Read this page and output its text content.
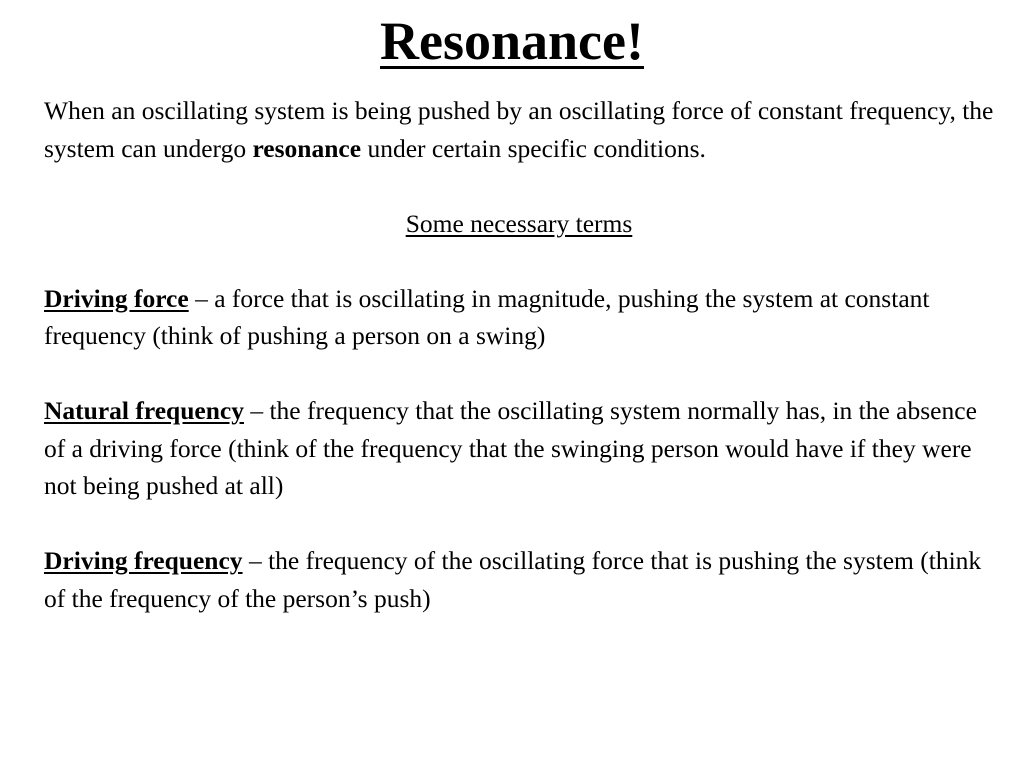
Resonance!

When an oscillating system is being pushed by an oscillating force of constant frequency, the system can undergo resonance under certain specific conditions.

Some necessary terms

Driving force – a force that is oscillating in magnitude, pushing the system at constant frequency (think of pushing a person on a swing)

Natural frequency – the frequency that the oscillating system normally has, in the absence of a driving force (think of the frequency that the swinging person would have if they were not being pushed at all)

Driving frequency – the frequency of the oscillating force that is pushing the system (think of the frequency of the person’s push)
